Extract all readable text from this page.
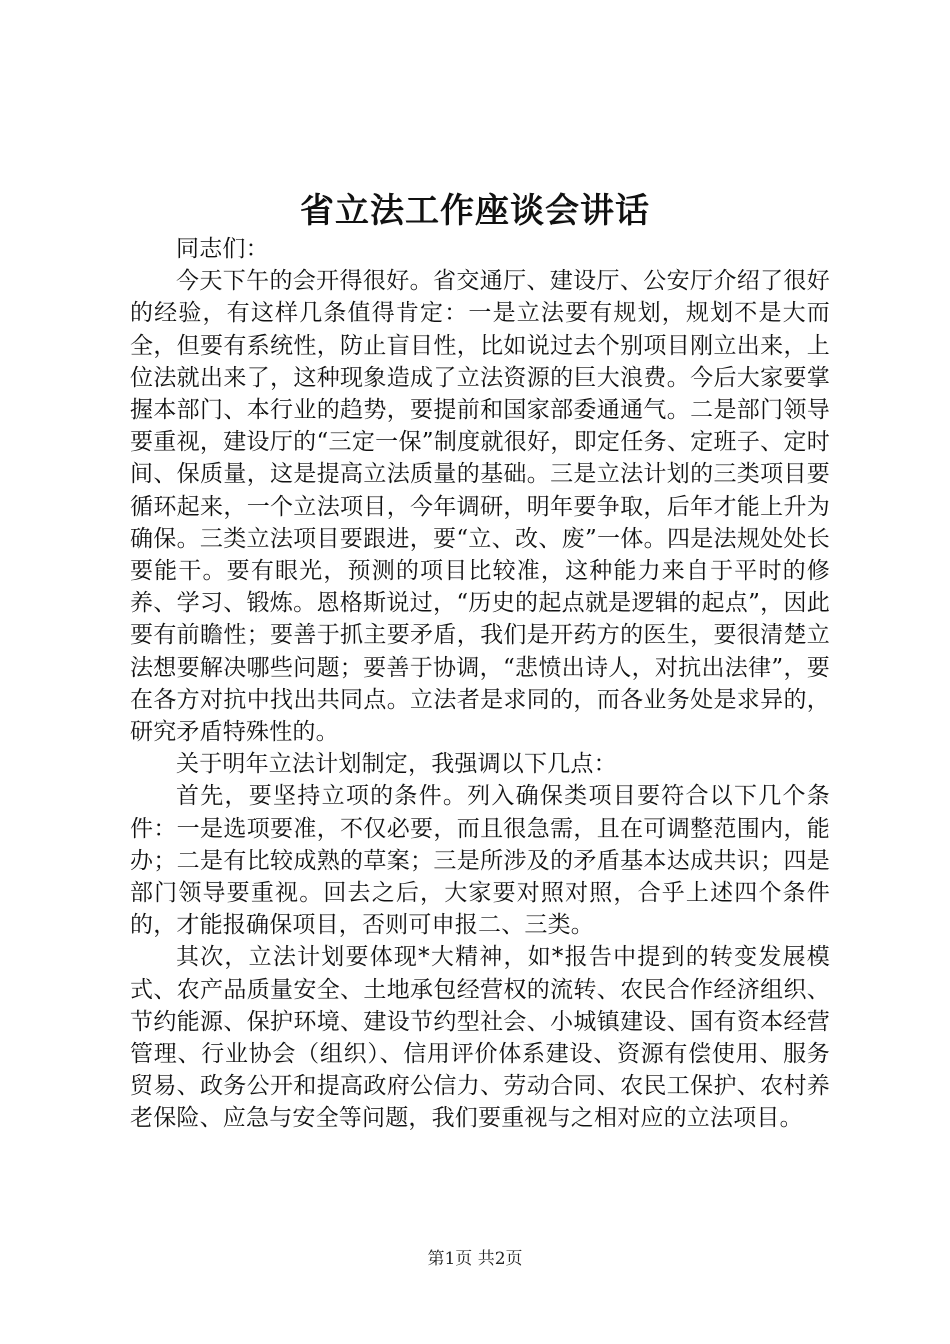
省立法工作座谈会讲话

同志们：

今天下午的会开得很好。省交通厅、建设厅、公安厅介绍了很好的经验，有这样几条值得肯定：一是立法要有规划，规划不是大而全，但要有系统性，防止盲目性，比如说过去个别项目刚立出来，上位法就出来了，这种现象造成了立法资源的巨大浪费。今后大家要掌握本部门、本行业的趋势，要提前和国家部委通通气。二是部门领导要重视，建设厅的“三定一保”制度就很好，即定任务、定班子、定时间、保质量，这是提高立法质量的基础。三是立法计划的三类项目要循环起来，一个立法项目，今年调研，明年要争取，后年才能上升为确保。三类立法项目要跟进，要“立、改、废”一体。四是法规处处长要能干。要有眼光，预测的项目比较准，这种能力来自于平时的修养、学习、锻炼。恩格斯说过，“历史的起点就是逻辑的起点”，因此要有前瞻性；要善于抓主要矛盾，我们是开药方的医生，要很清楚立法想要解决哪些问题；要善于协调，“悲愤出诗人，对抗出法律”，要在各方对抗中找出共同点。立法者是求同的，而各业务处是求异的，研究矛盾特殊性的。

关于明年立法计划制定，我强调以下几点：

首先，要坚持立项的条件。列入确保类项目要符合以下几个条件：一是选项要准，不仅必要，而且很急需，且在可调整范围内，能办；二是有比较成熟的草案；三是所涉及的矛盾基本达成共识；四是部门领导要重视。回去之后，大家要对照对照，合乎上述四个条件的，才能报确保项目，否则可申报二、三类。

其次，立法计划要体现*大精神，如*报告中提到的转变发展模式、农产品质量安全、土地承包经营权的流转、农民合作经济组织、节约能源、保护环境、建设节约型社会、小城镇建设、国有资本经营管理、行业协会（组织）、信用评价体系建设、资源有偿使用、服务贸易、政务公开和提高政府公信力、劳动合同、农民工保护、农村养老保险、应急与安全等问题，我们要重视与之相对应的立法项目。

第1页 共2页
